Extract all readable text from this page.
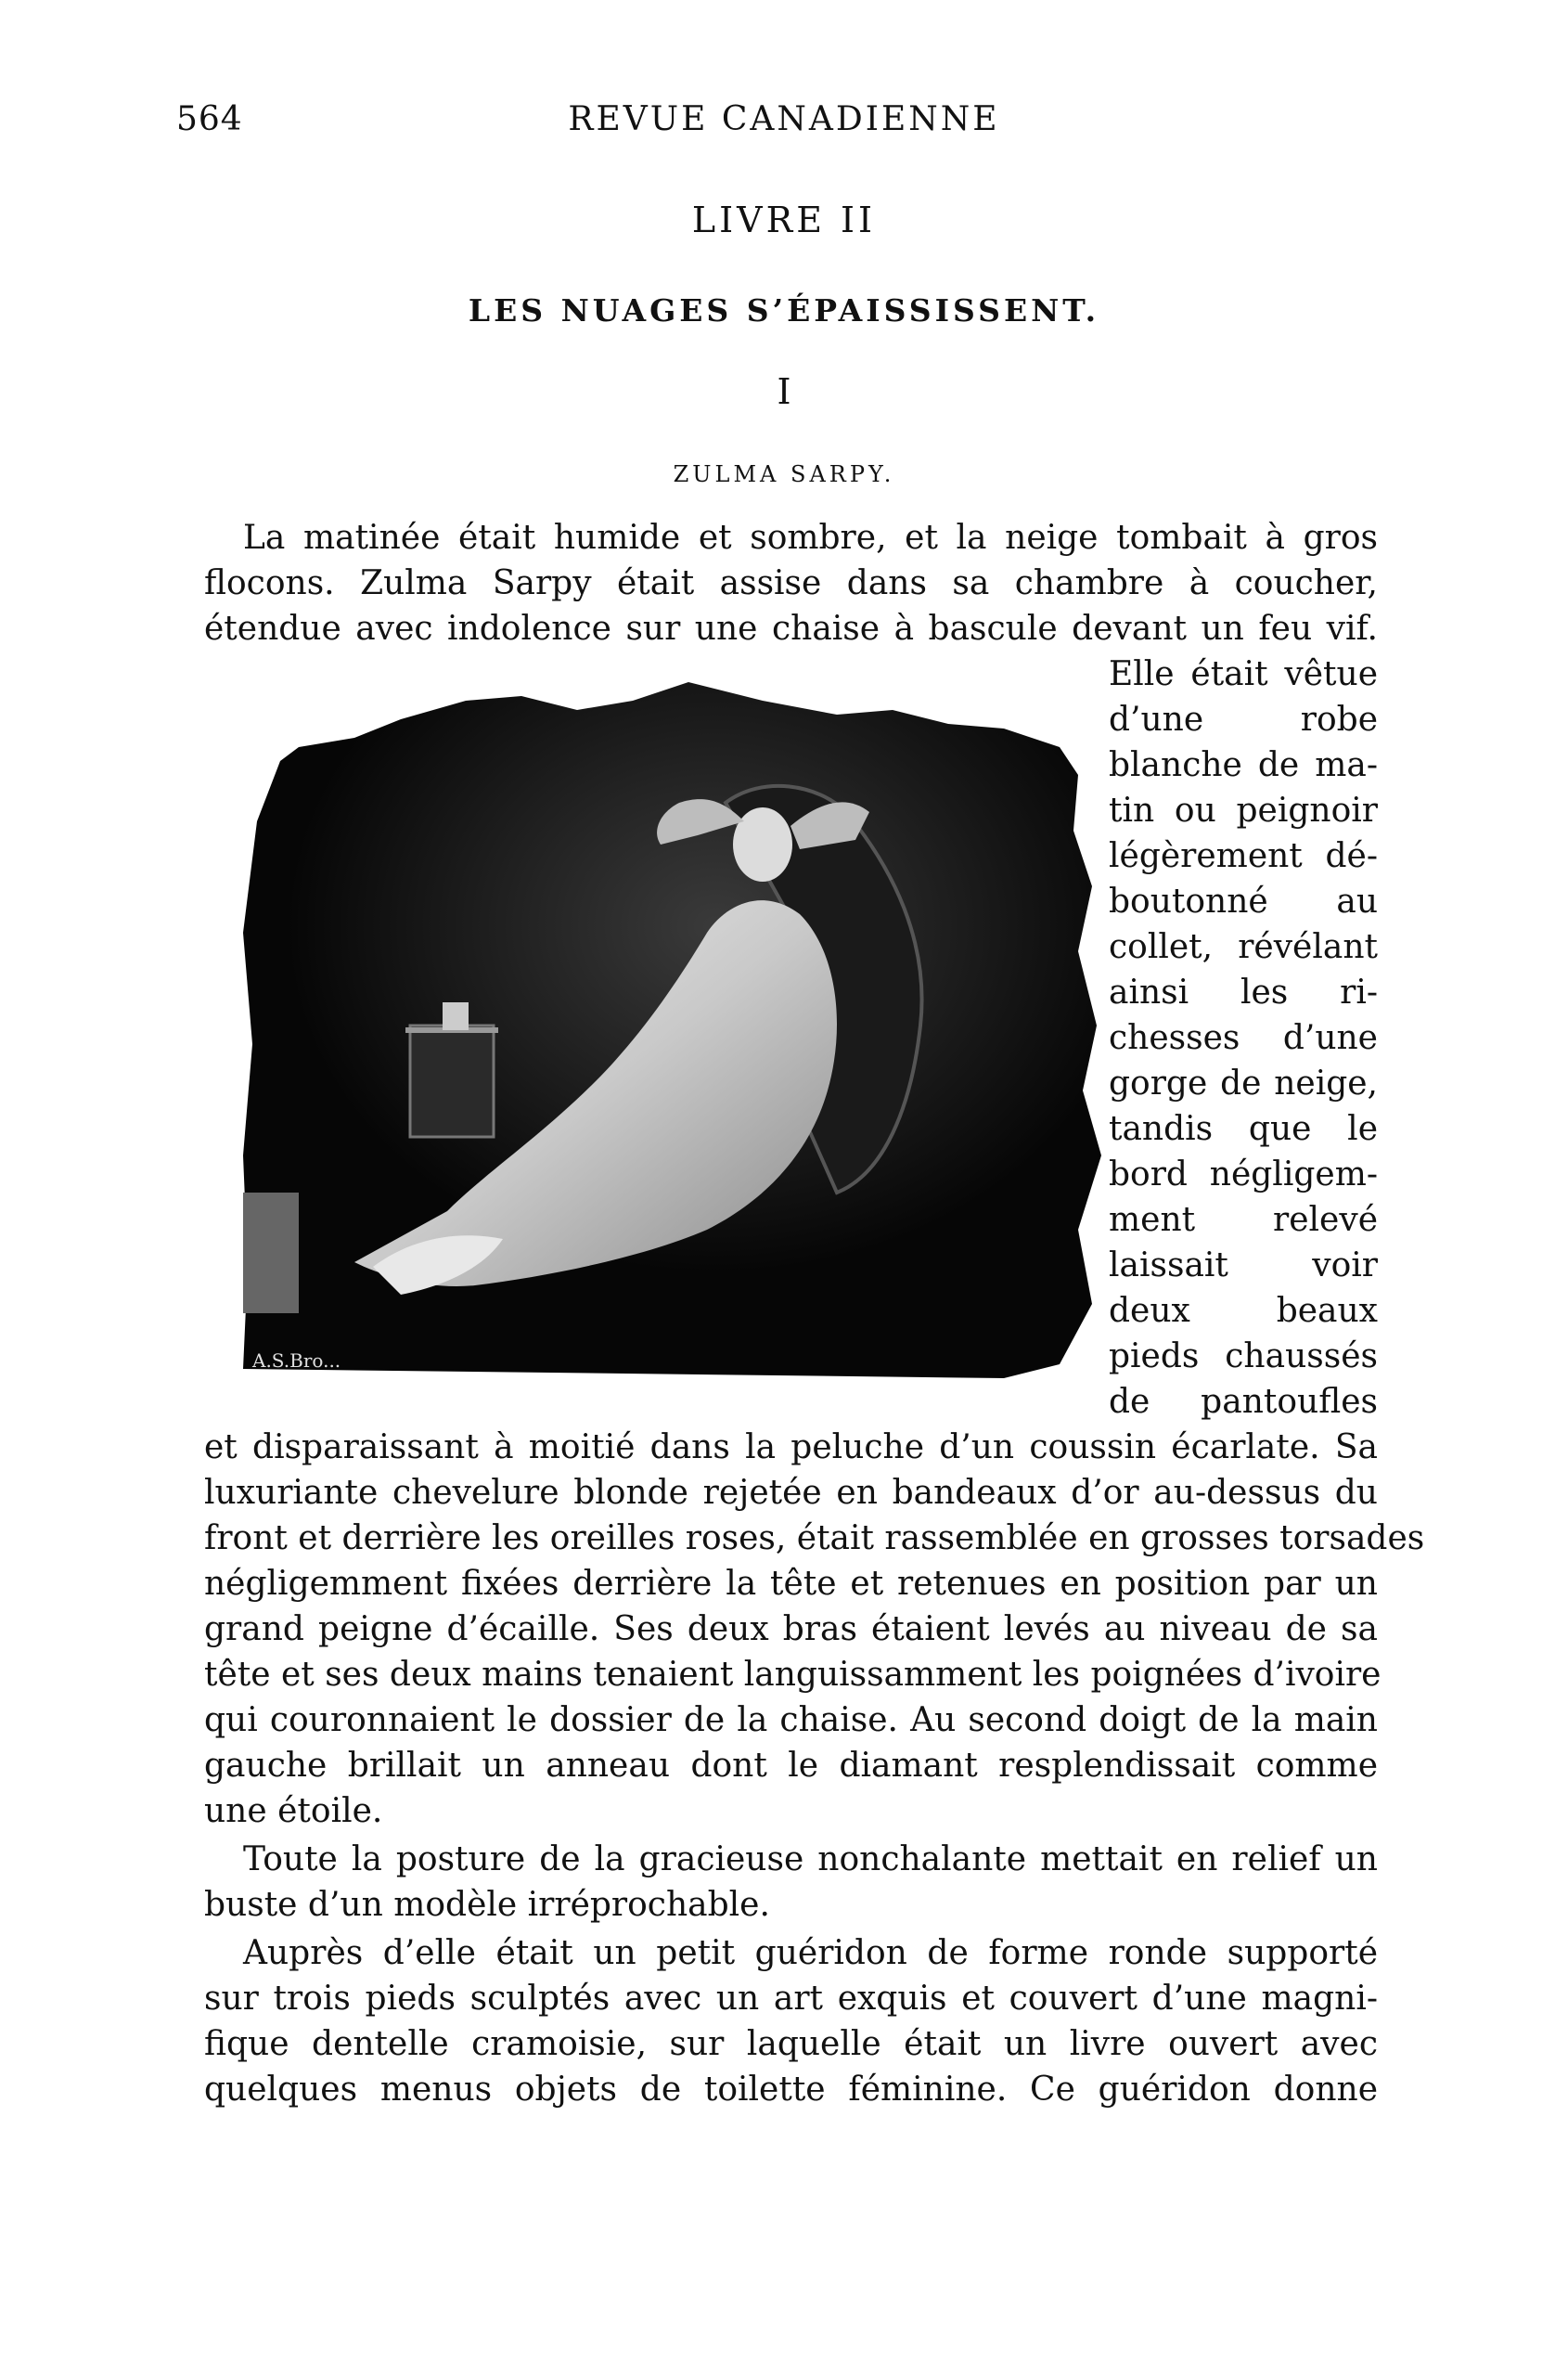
564	REVUE CANADIENNE
LIVRE II
LES NUAGES S’ÉPAISSISSENT.
I
ZULMA SARPY.
La matinée était humide et sombre, et la neige tombait à gros
flocons. Zulma Sarpy était assise dans sa chambre à coucher,
étendue avec indolence sur une chaise à bascule devant un feu vif.
A.S.Bro...
Elle était vêtue
d’une robe
blanche de ma-
tin ou peignoir
légèrement dé-
boutonné au
collet, révélant
ainsi les ri-
chesses d’une
gorge de neige,
tandis que le
bord négligem-
ment relevé
laissait voir
deux beaux
pieds chaussés
de pantoufles
et disparaissant à moitié dans la peluche d’un coussin écarlate. Sa
luxuriante chevelure blonde rejetée en bandeaux d’or au-dessus du
front et derrière les oreilles roses, était rassemblée en grosses torsades
négligemment fixées derrière la tête et retenues en position par un
grand peigne d’écaille. Ses deux bras étaient levés au niveau de sa
tête et ses deux mains tenaient languissamment les poignées d’ivoire
qui couronnaient le dossier de la chaise. Au second doigt de la main
gauche brillait un anneau dont le diamant resplendissait comme
une étoile.
Toute la posture de la gracieuse nonchalante mettait en relief un
buste d’un modèle irréprochable.
Auprès d’elle était un petit guéridon de forme ronde supporté
sur trois pieds sculptés avec un art exquis et couvert d’une magni-
fique dentelle cramoisie, sur laquelle était un livre ouvert avec
quelques menus objets de toilette féminine. Ce guéridon donne
